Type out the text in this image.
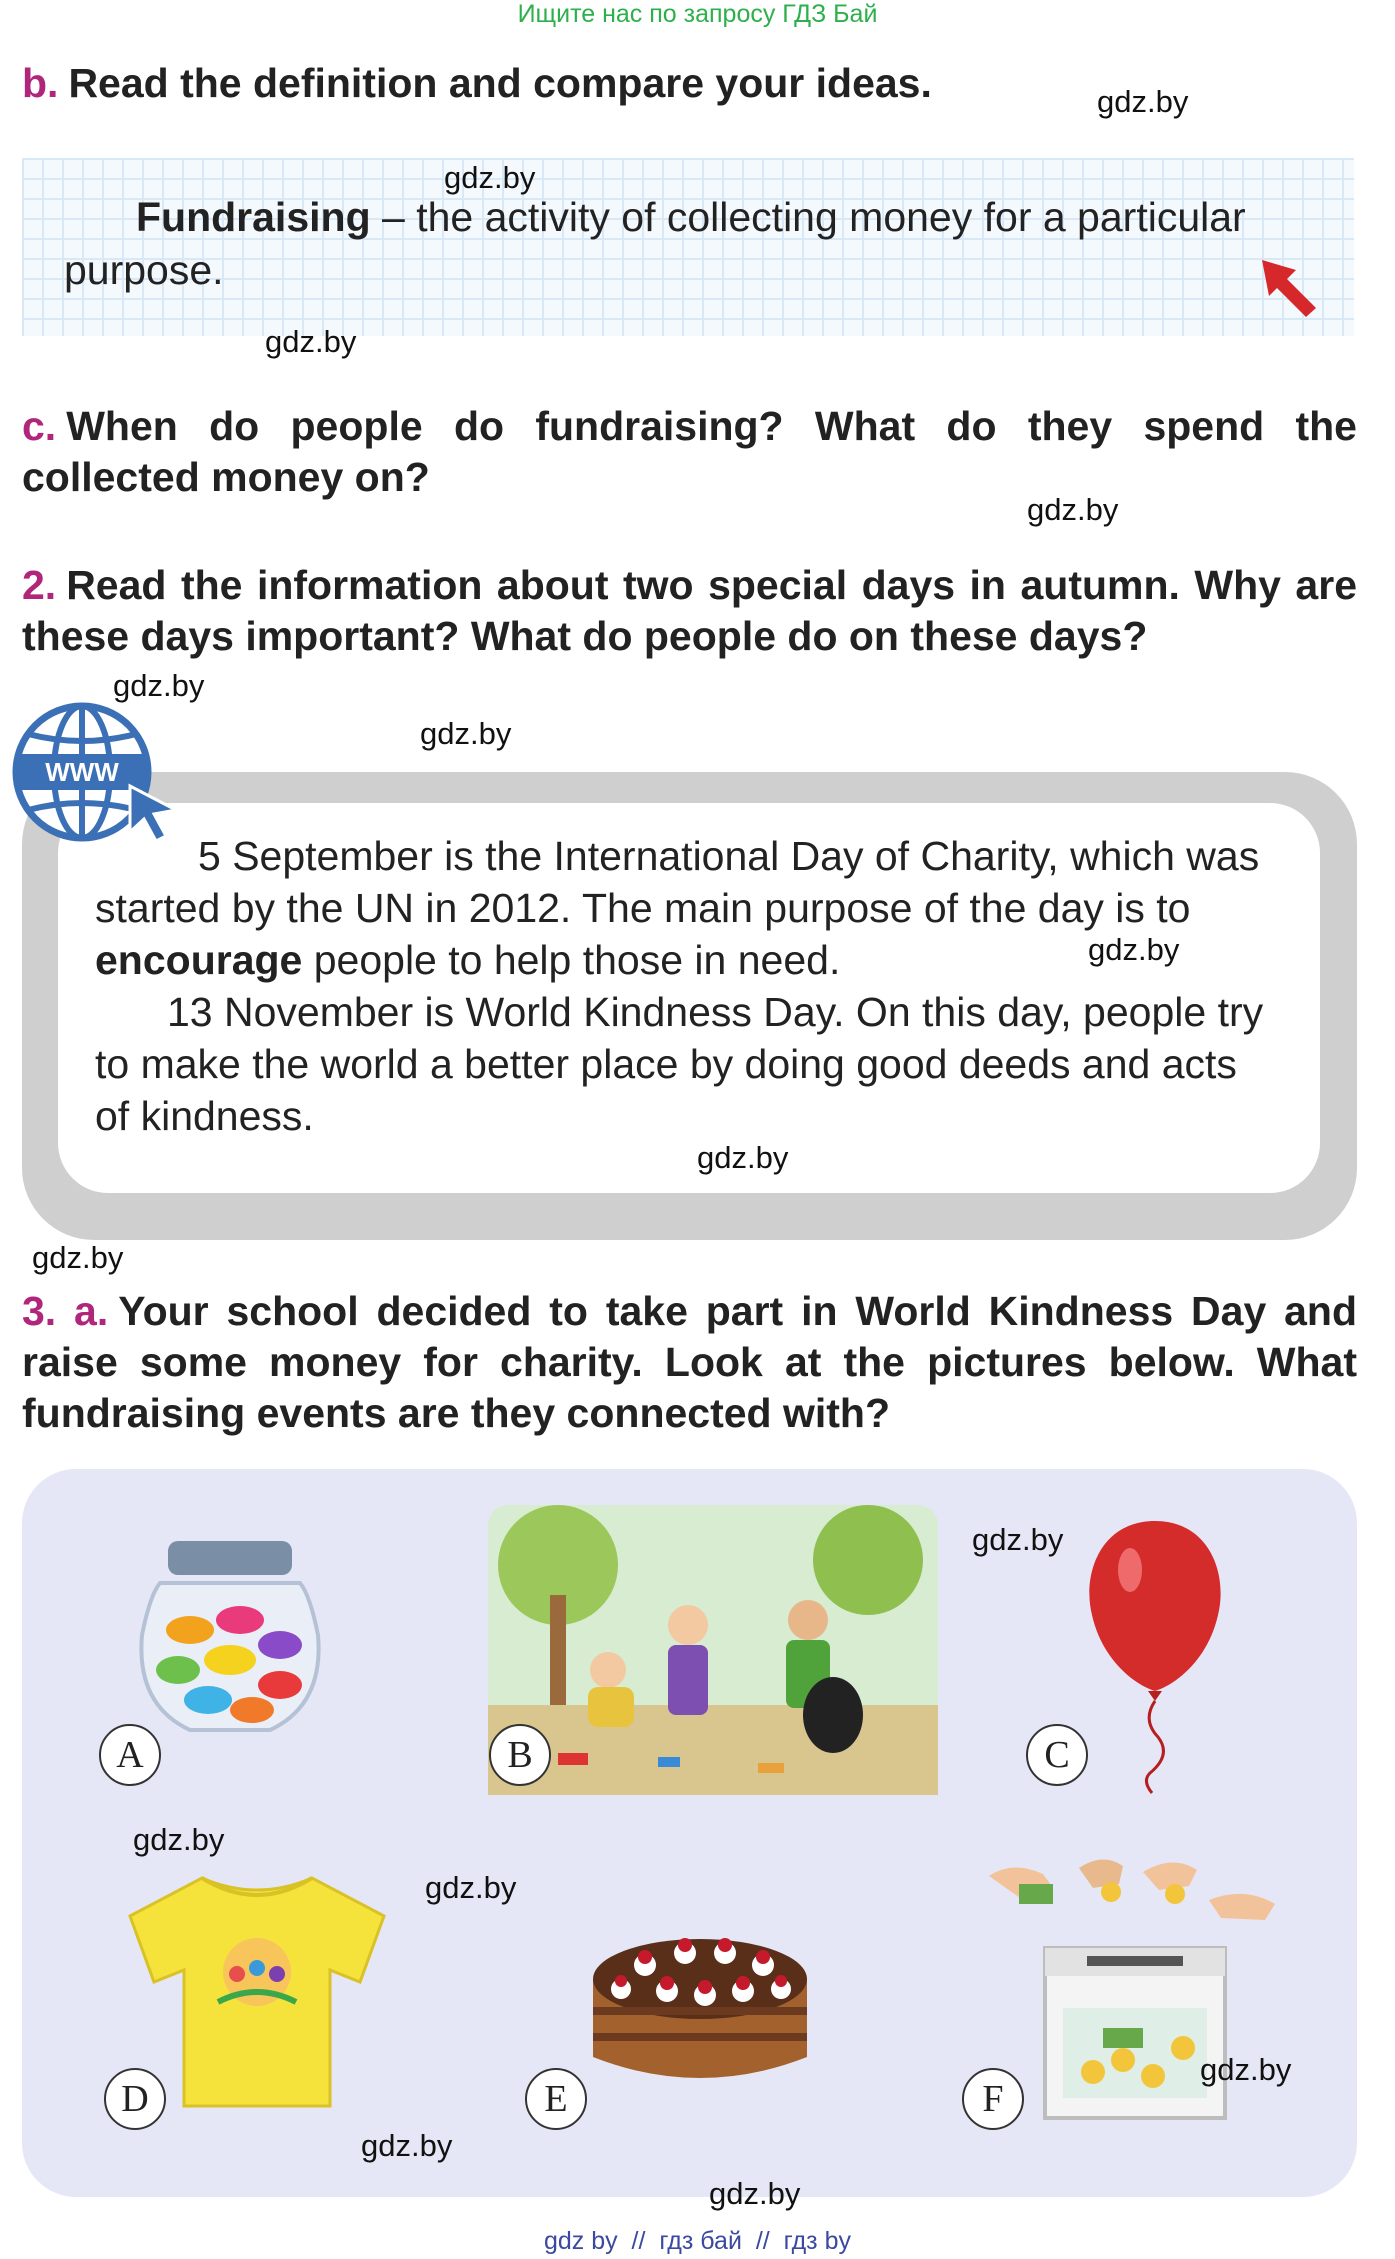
Ищите нас по запросу ГДЗ Бай
b. Read the definition and compare your ideas.	gdz.by
gdz.by
Fundraising – the activity of collecting money for a particular purpose.
gdz.by
c. When do people do fundraising? What do they spend the collected money on?
gdz.by
2. Read the information about two special days in autumn. Why are these days important? What do people do on these days?
gdz.by
gdz.by
WWW

5 September is the International Day of Charity, which was started by the UN in 2012. The main purpose of the day is to encourage people to help those in need.

13 November is World Kindness Day. On this day, people try to make the world a better place by doing good deeds and acts of kindness.

gdz.by
gdz.by
gdz.by
3. a. Your school decided to take part in World Kindness Day and raise some money for charity. Look at the pictures below. What fundraising events are they connected with?
A	B	C
D	E	F
gdz.by
gdz.by
gdz.by
gdz.by
gdz.by
gdz.by
gdz by  //  гдз бай  //  гдз by
